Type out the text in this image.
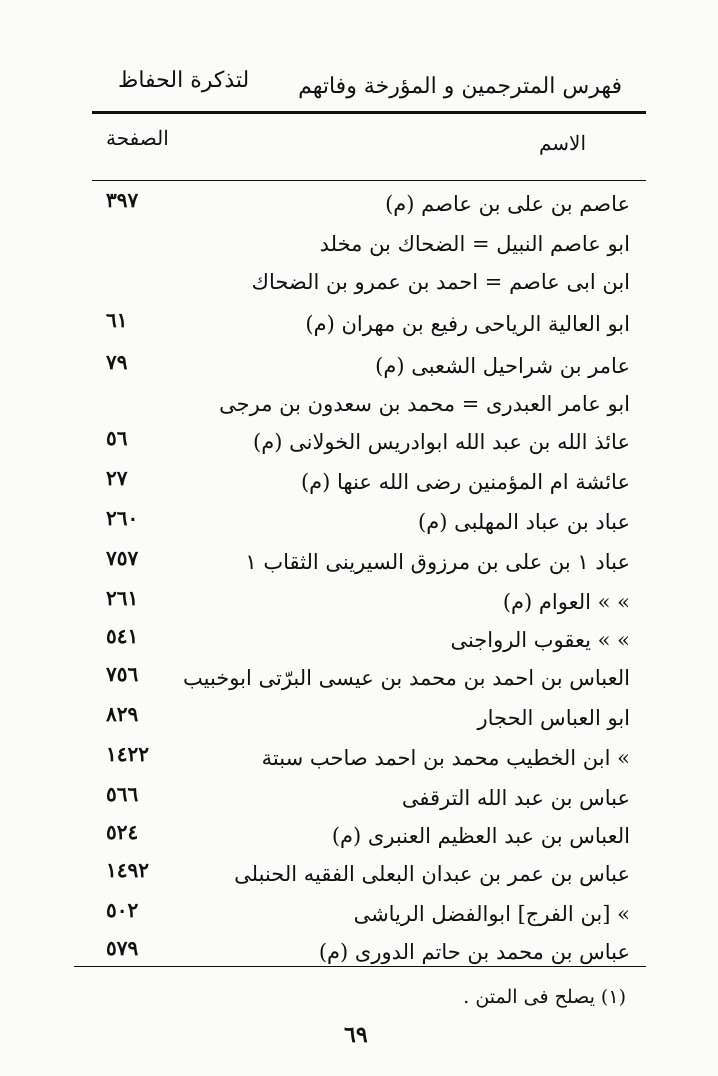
فهرس المترجمين و المؤرخة وفاتهم
لتذكرة الحفاظ
الاسم
الصفحة
عاصم بن على بن عاصم (م)
٣٩٧
ابو عاصم النبيل = الضحاك بن مخلد
ابن ابى عاصم = احمد بن عمرو بن الضحاك
ابو العالية الرياحى رفيع بن مهران (م)
٦١
عامر بن شراحيل الشعبى (م)
٧٩
ابو عامر العبدرى = محمد بن سعدون بن مرجى
عائذ الله بن عبد الله ابوادريس الخولانى (م)
٥٦
عائشة ام المؤمنين رضى الله عنها (م)
٢٧
عباد بن عباد المهلبى (م)
٢٦٠
عباد ١ بن على بن مرزوق السيرينى الثقاب ١
٧٥٧
» » العوام (م)
٢٦١
» » يعقوب الرواجنى
٥٤١
العباس بن احمد بن محمد بن عيسى البرّتى ابوخبيب
٧٥٦
ابو العباس الحجار
٨٢٩
» ابن الخطيب محمد بن احمد صاحب سبتة
١٤٢٢
عباس بن عبد الله الترقفى
٥٦٦
العباس بن عبد العظيم العنبرى (م)
٥٢٤
عباس بن عمر بن عبدان البعلى الفقيه الحنبلى
١٤٩٢
» [بن الفرج] ابوالفضل الرياشى
٥٠٢
عباس بن محمد بن حاتم الدورى (م)
٥٧٩
(١) يصلح فى المتن .
٦٩
